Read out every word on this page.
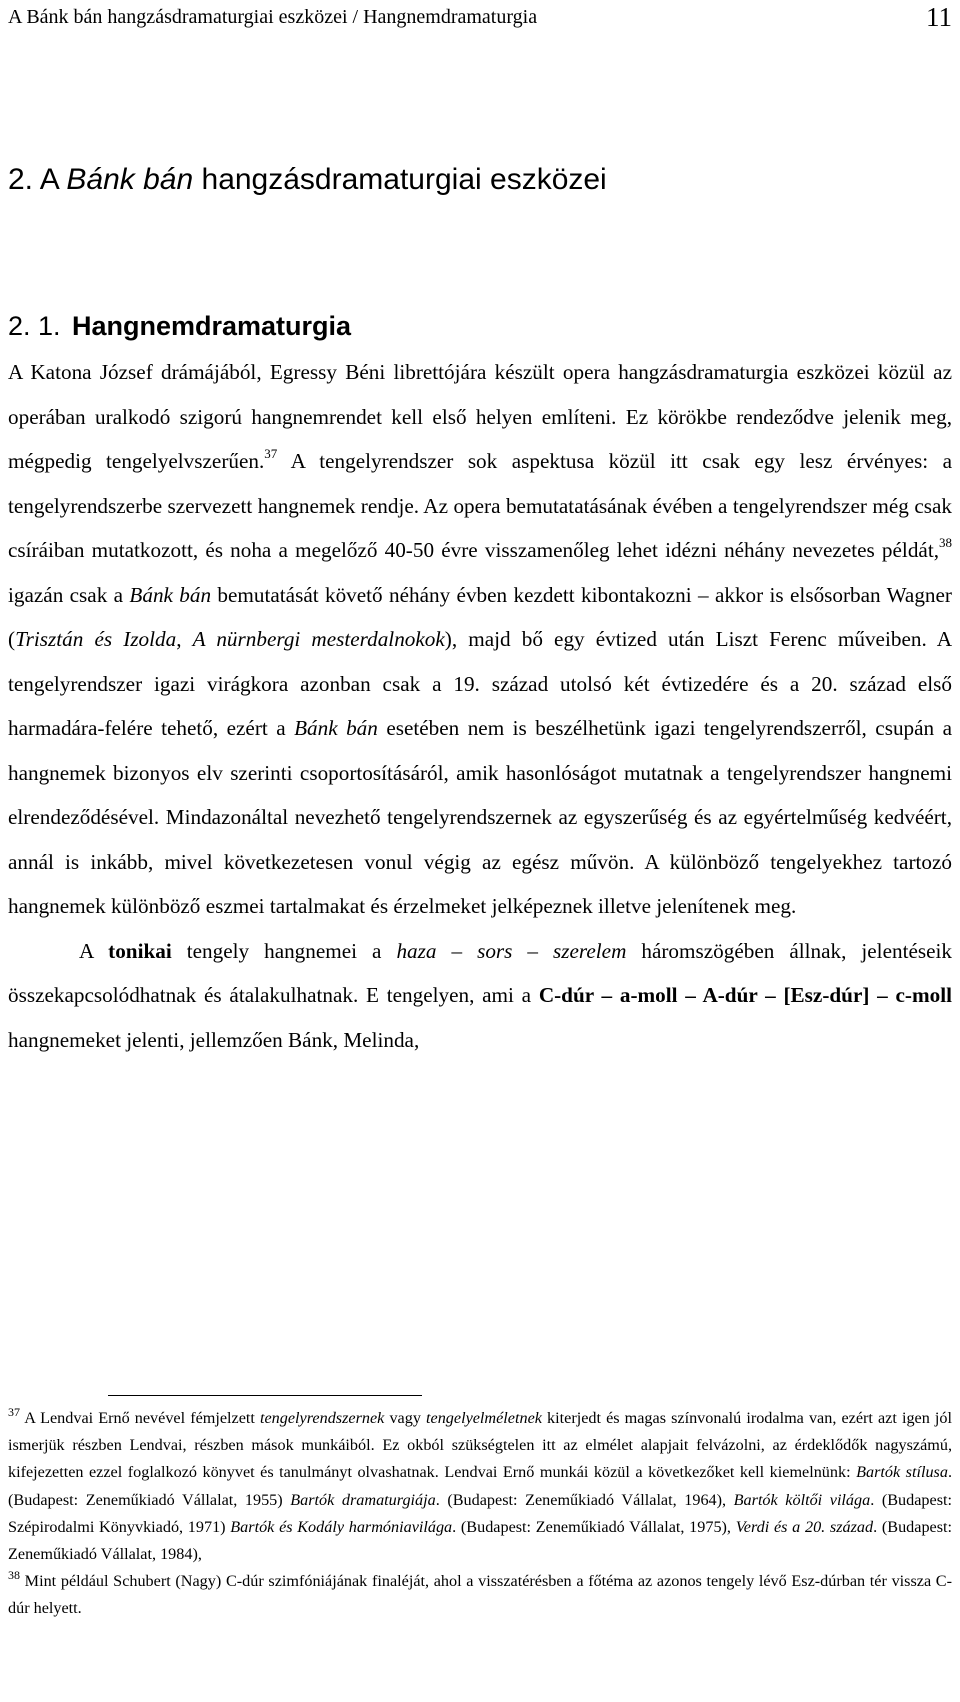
A Bánk bán hangzásdramaturgiai eszközei / Hangnemdramaturgia	11
2. A Bánk bán hangzásdramaturgiai eszközei
2. 1. Hangnemdramaturgia

A Katona József drámájából, Egressy Béni librettójára készült opera hangzásdramaturgia eszközei közül az operában uralkodó szigorú hangnemrendet kell első helyen említeni. Ez körökbe rendeződve jelenik meg, mégpedig tengelyelvszerűen.$^{37}$ A tengelyrendszer sok aspektusa közül itt csak egy lesz érvényes: a tengelyrendszerbe szervezett hangnemek rendje. Az opera bemutatatásának évében a tengelyrendszer még csak csíráiban mutatkozott, és noha a megelőző 40-50 évre visszamenőleg lehet idézni néhány nevezetes példát,$^{38}$ igazán csak a Bánk bán bemutatását követő néhány évben kezdett kibontakozni – akkor is elsősorban Wagner (Trisztán és Izolda, A nürnbergi mesterdalnokok), majd bő egy évtized után Liszt Ferenc műveiben. A tengelyrendszer igazi virágkora azonban csak a 19. század utolsó két évtizedére és a 20. század első harmadára-felére tehető, ezért a Bánk bán esetében nem is beszélhetünk igazi tengelyrendszerről, csupán a hangnemek bizonyos elv szerinti csoportosításáról, amik hasonlóságot mutatnak a tengelyrendszer hangnemi elrendeződésével. Mindazonáltal nevezhető tengelyrendszernek az egyszerűség és az egyértelműség kedvéért, annál is inkább, mivel következetesen vonul végig az egész művön. A különböző tengelyekhez tartozó hangnemek különböző eszmei tartalmakat és érzelmeket jelképeznek illetve jelenítenek meg.

A tonikai tengely hangnemei a haza – sors – szerelem háromszögében állnak, jelentéseik összekapcsolódhatnak és átalakulhatnak. E tengelyen, ami a C-dúr – a-moll – A-dúr – [Esz-dúr] – c-moll hangnemeket jelenti, jellemzően Bánk, Melinda,

$^{37}$ A Lendvai Ernő nevével fémjelzett tengelyrendszernek vagy tengelyelméletnek kiterjedt és magas színvonalú irodalma van, ezért azt igen jól ismerjük részben Lendvai, részben mások munkáiból. Ez okból szükségtelen itt az elmélet alapjait felvázolni, az érdeklődők nagyszámú, kifejezetten ezzel foglalkozó könyvet és tanulmányt olvashatnak. Lendvai Ernő munkái közül a következőket kell kiemelnünk: Bartók stílusa. (Budapest: Zeneműkiadó Vállalat, 1955) Bartók dramaturgiája. (Budapest: Zeneműkiadó Vállalat, 1964), Bartók költői világa. (Budapest: Szépirodalmi Könyvkiadó, 1971) Bartók és Kodály harmóniavilága. (Budapest: Zeneműkiadó Vállalat, 1975), Verdi és a 20. század. (Budapest: Zeneműkiadó Vállalat, 1984),

$^{38}$ Mint például Schubert (Nagy) C-dúr szimfóniájának finaléját, ahol a visszatérésben a főtéma az azonos tengely lévő Esz-dúrban tér vissza C-dúr helyett.
